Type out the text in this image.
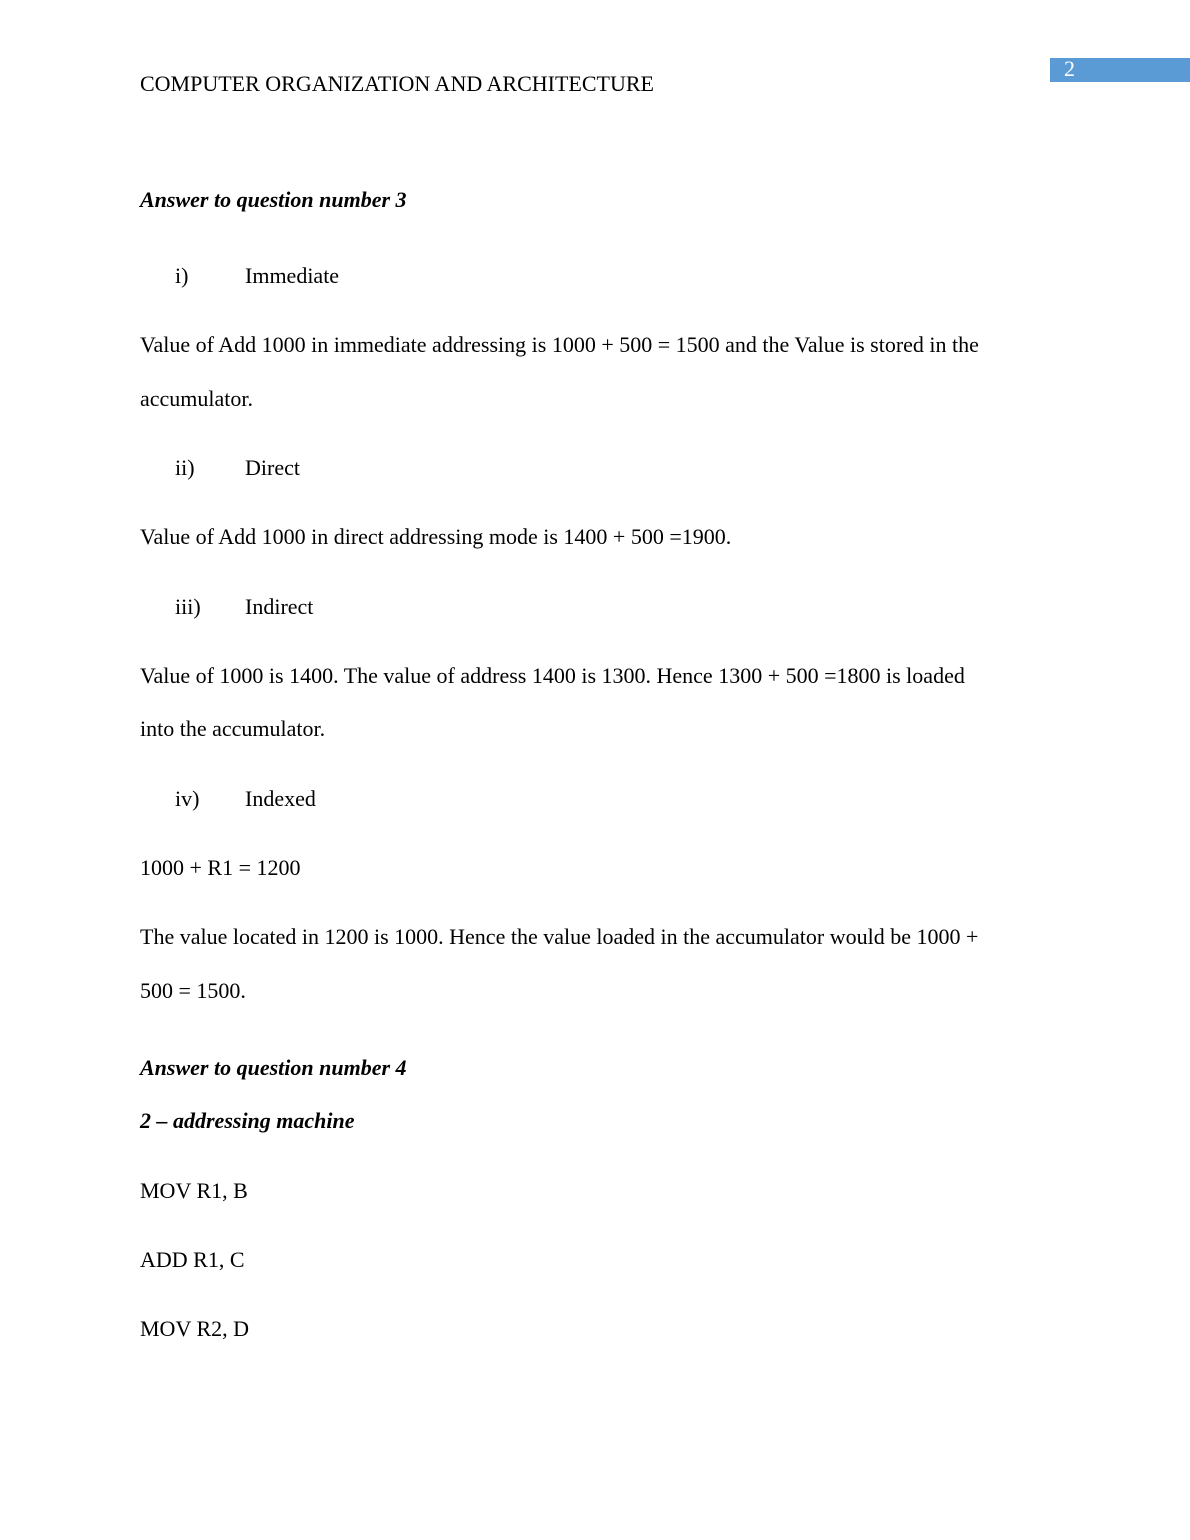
2
COMPUTER ORGANIZATION AND ARCHITECTURE
Answer to question number 3
i)	Immediate
Value of Add 1000 in immediate addressing is 1000 + 500 = 1500 and the Value is stored in the
accumulator.
ii) Direct
Value of Add 1000 in direct addressing mode is 1400 + 500 =1900.
iii) Indirect
Value of 1000 is 1400. The value of address 1400 is 1300. Hence 1300 + 500 =1800 is loaded
into the accumulator.
iv) Indexed
1000 + R1 = 1200
The value located in 1200 is 1000. Hence the value loaded in the accumulator would be 1000 +
500 = 1500.
Answer to question number 4
2 – addressing machine
MOV R1, B
ADD R1, C
MOV R2, D
